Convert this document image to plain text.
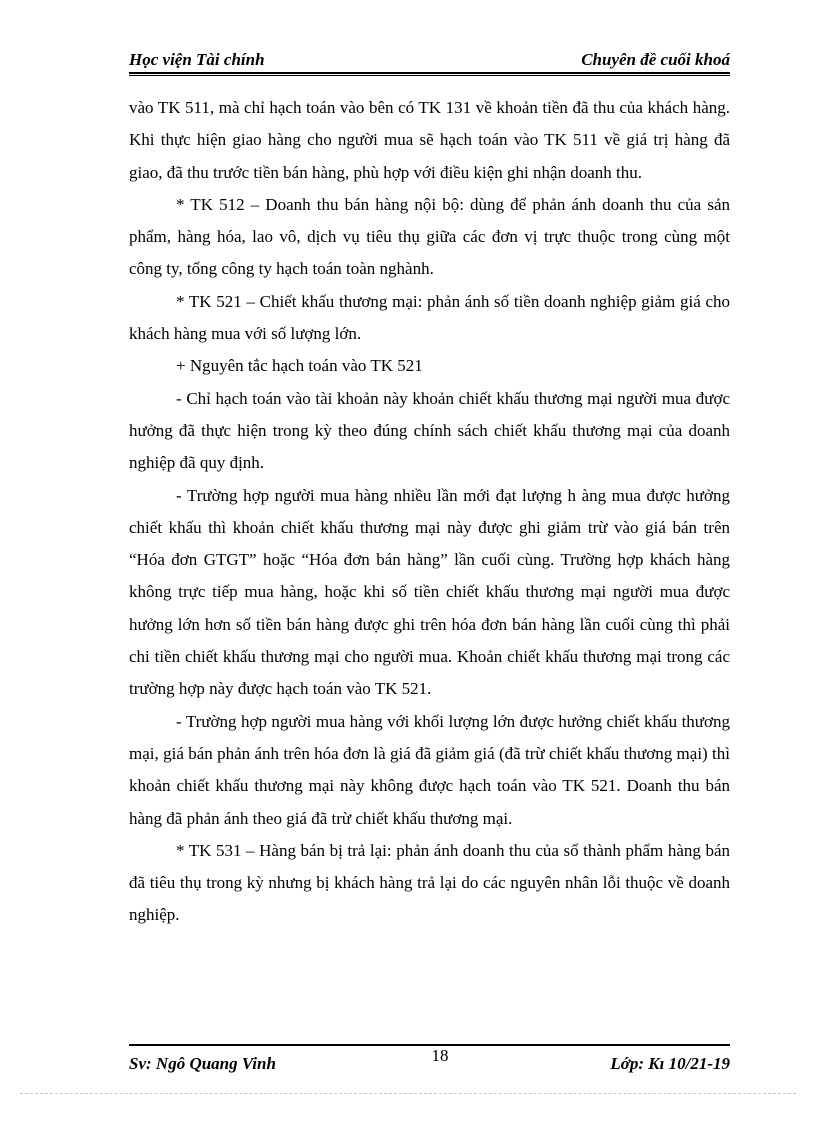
Học viện Tài chính	Chuyên đề cuối khoá

vào TK 511, mà chỉ hạch toán vào bên có TK 131 về khoản tiền đã thu của khách hàng. Khi thực hiện giao hàng cho người mua sẽ hạch toán vào TK 511 về giá trị hàng đã giao, đã thu trước tiền bán hàng, phù hợp với điều kiện ghi nhận doanh thu.

* TK 512 – Doanh thu bán hàng nội bộ: dùng để phản ánh doanh thu của sản phẩm, hàng hóa, lao vô, dịch vụ tiêu thụ giữa các đơn vị trực thuộc trong cùng một công ty, tổng công ty hạch toán toàn nghành.

* TK 521 – Chiết khấu thương mại: phản ánh số tiền doanh nghiệp giảm giá cho khách hàng mua với số lượng lớn.

+ Nguyên tắc hạch toán vào TK 521

- Chỉ hạch toán vào tài khoản này khoản chiết khấu thương mại người mua được hưởng đã thực hiện trong kỳ theo đúng chính sách chiết khấu thương mại của doanh nghiệp đã quy định.

- Trường hợp người mua hàng nhiều lần mới đạt lượng h àng mua được hưởng chiết khấu thì khoản chiết khấu thương mại này được ghi giảm trừ vào giá bán trên “Hóa đơn GTGT” hoặc “Hóa đơn bán hàng” lần cuối cùng. Trường hợp khách hàng không trực tiếp mua hàng, hoặc khi số tiền chiết khấu thương mại người mua được hưởng lớn hơn số tiền bán hàng được ghi trên hóa đơn bán hàng lần cuối cùng thì phải chi tiền chiết khấu thương mại cho người mua. Khoản chiết khấu thương mại trong các trường hợp này được hạch toán vào TK 521.

- Trường hợp người mua hàng với khối lượng lớn được hưởng chiết khấu thương mại, giá bán phản ánh trên hóa đơn là giá đã giảm giá (đã trừ chiết khấu thương mại) thì khoản chiết khấu thương mại này không được hạch toán vào TK 521. Doanh thu bán hàng đã phản ánh theo giá đã trừ chiết khấu thương mại.

* TK 531 – Hàng bán bị trả lại: phản ánh doanh thu của số thành phẩm hàng bán đã tiêu thụ trong kỳ nhưng bị khách hàng trả lại do các nguyên nhân lỗi thuộc về doanh nghiệp.

Sv: Ngô Quang Vinh	18	Lớp: Kı 10/21-19
